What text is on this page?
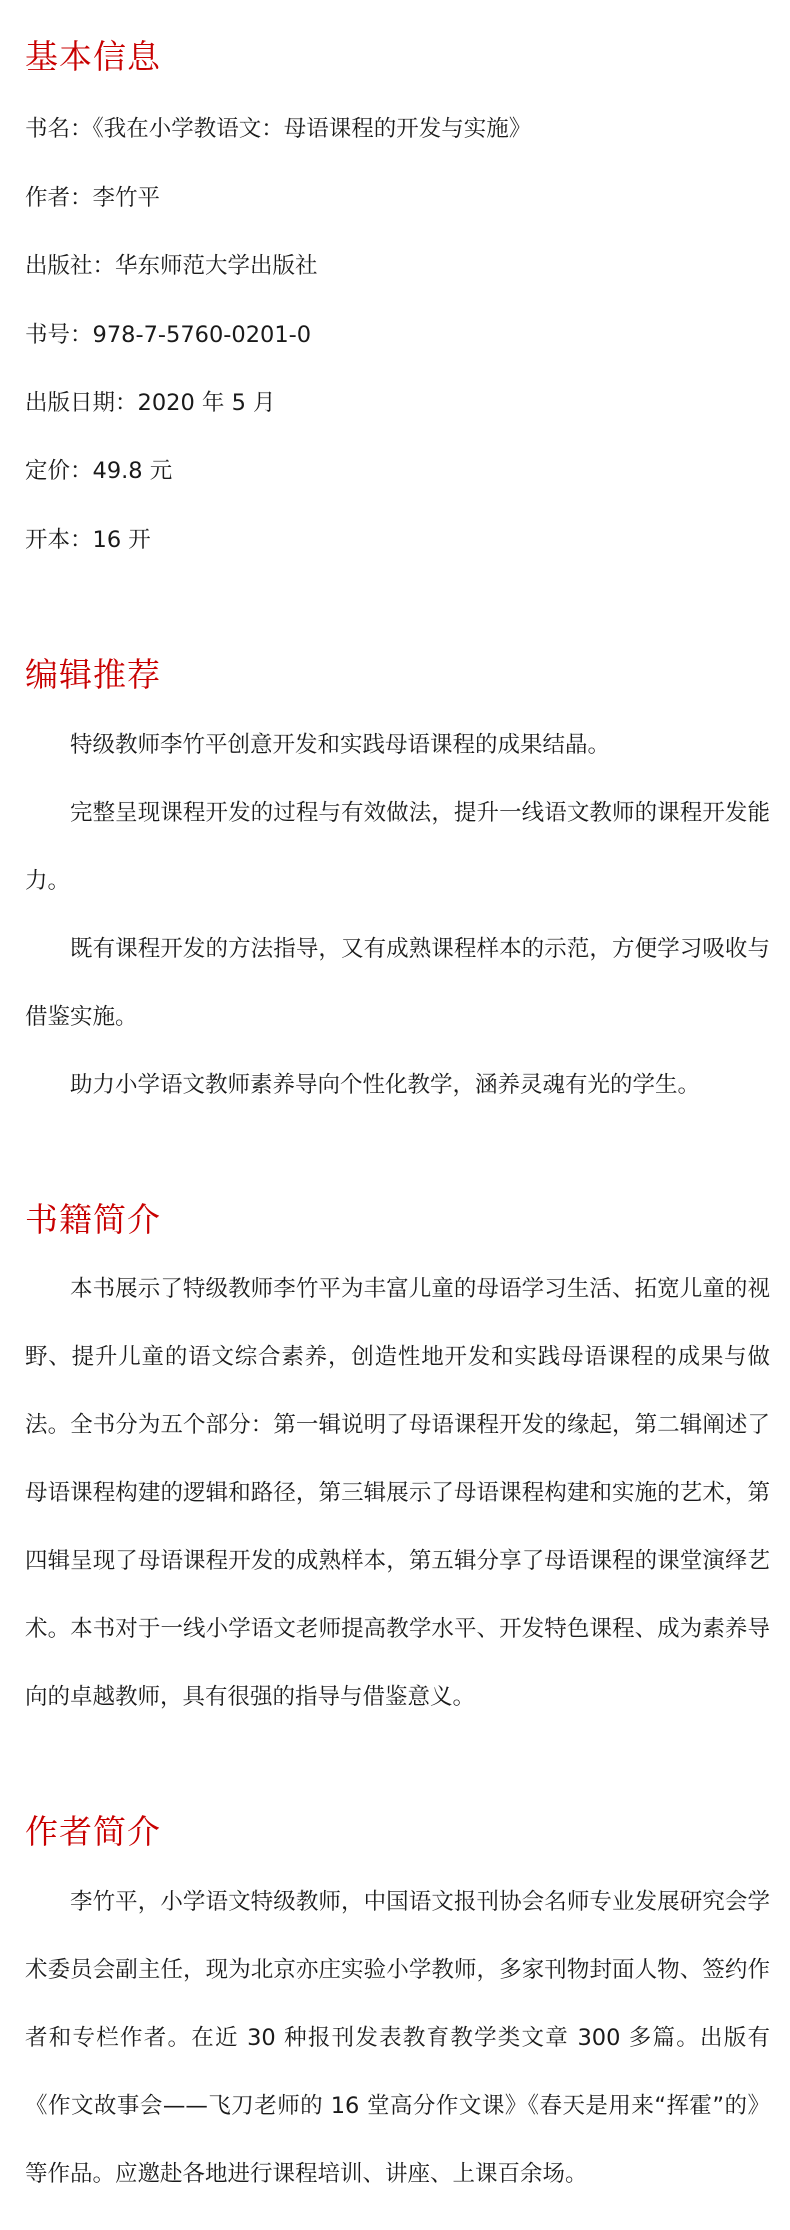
基本信息

书名：《我在小学教语文：母语课程的开发与实施》

作者：李竹平

出版社：华东师范大学出版社

书号：978-7-5760-0201-0

出版日期：2020 年 5 月

定价：49.8 元

开本：16 开

编辑推荐

特级教师李竹平创意开发和实践母语课程的成果结晶。

完整呈现课程开发的过程与有效做法，提升一线语文教师的课程开发能力。

既有课程开发的方法指导，又有成熟课程样本的示范，方便学习吸收与借鉴实施。

助力小学语文教师素养导向个性化教学，涵养灵魂有光的学生。

书籍简介

本书展示了特级教师李竹平为丰富儿童的母语学习生活、拓宽儿童的视野、提升儿童的语文综合素养，创造性地开发和实践母语课程的成果与做法。全书分为五个部分：第一辑说明了母语课程开发的缘起，第二辑阐述了母语课程构建的逻辑和路径，第三辑展示了母语课程构建和实施的艺术，第四辑呈现了母语课程开发的成熟样本，第五辑分享了母语课程的课堂演绎艺术。本书对于一线小学语文老师提高教学水平、开发特色课程、成为素养导向的卓越教师，具有很强的指导与借鉴意义。

作者简介

李竹平，小学语文特级教师，中国语文报刊协会名师专业发展研究会学术委员会副主任，现为北京亦庄实验小学教师，多家刊物封面人物、签约作者和专栏作者。在近 30 种报刊发表教育教学类文章 300 多篇。出版有《作文故事会——飞刀老师的 16 堂高分作文课》《春天是用来“挥霍”的》等作品。应邀赴各地进行课程培训、讲座、上课百余场。
